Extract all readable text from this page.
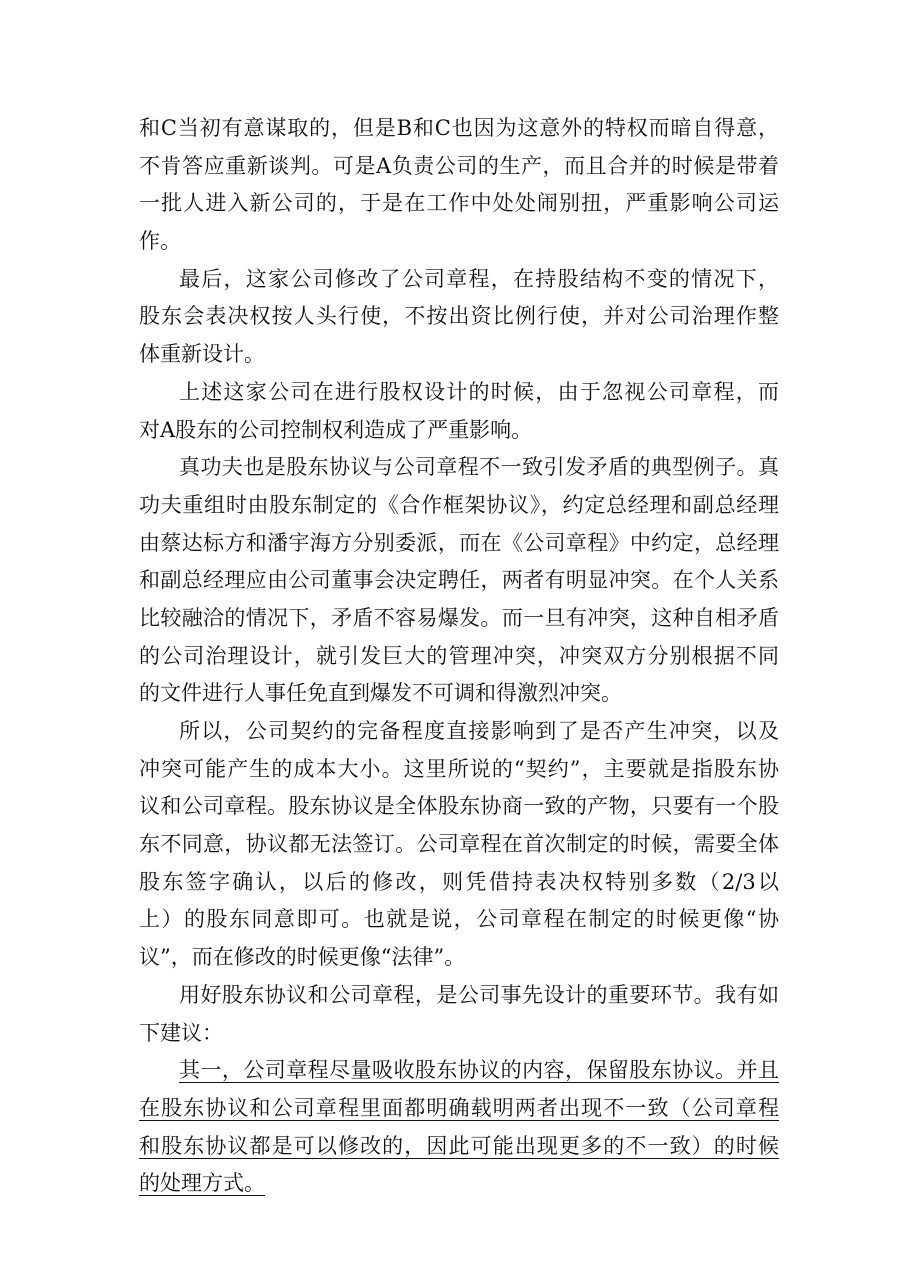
和C当初有意谋取的，但是B和C也因为这意外的特权而暗自得意，
不肯答应重新谈判。可是A负责公司的生产，而且合并的时候是带着
一批人进入新公司的，于是在工作中处处闹别扭，严重影响公司运
作。
最后，这家公司修改了公司章程，在持股结构不变的情况下，
股东会表决权按人头行使，不按出资比例行使，并对公司治理作整
体重新设计。
上述这家公司在进行股权设计的时候，由于忽视公司章程，而
对A股东的公司控制权利造成了严重影响。
真功夫也是股东协议与公司章程不一致引发矛盾的典型例子。真
功夫重组时由股东制定的《合作框架协议》，约定总经理和副总经理
由蔡达标方和潘宇海方分别委派，而在《公司章程》中约定，总经理
和副总经理应由公司董事会决定聘任，两者有明显冲突。在个人关系
比较融洽的情况下，矛盾不容易爆发。而一旦有冲突，这种自相矛盾
的公司治理设计，就引发巨大的管理冲突，冲突双方分别根据不同
的文件进行人事任免直到爆发不可调和得激烈冲突。
所以，公司契约的完备程度直接影响到了是否产生冲突，以及
冲突可能产生的成本大小。这里所说的“契约”，主要就是指股东协
议和公司章程。股东协议是全体股东协商一致的产物，只要有一个股
东不同意，协议都无法签订。公司章程在首次制定的时候，需要全体
股东签字确认，以后的修改，则凭借持表决权特别多数（2/3以
上）的股东同意即可。也就是说，公司章程在制定的时候更像“协
议”，而在修改的时候更像“法律”。
用好股东协议和公司章程，是公司事先设计的重要环节。我有如
下建议：
其一，公司章程尽量吸收股东协议的内容，保留股东协议。并且
在股东协议和公司章程里面都明确载明两者出现不一致（公司章程
和股东协议都是可以修改的，因此可能出现更多的不一致）的时候
的处理方式。
